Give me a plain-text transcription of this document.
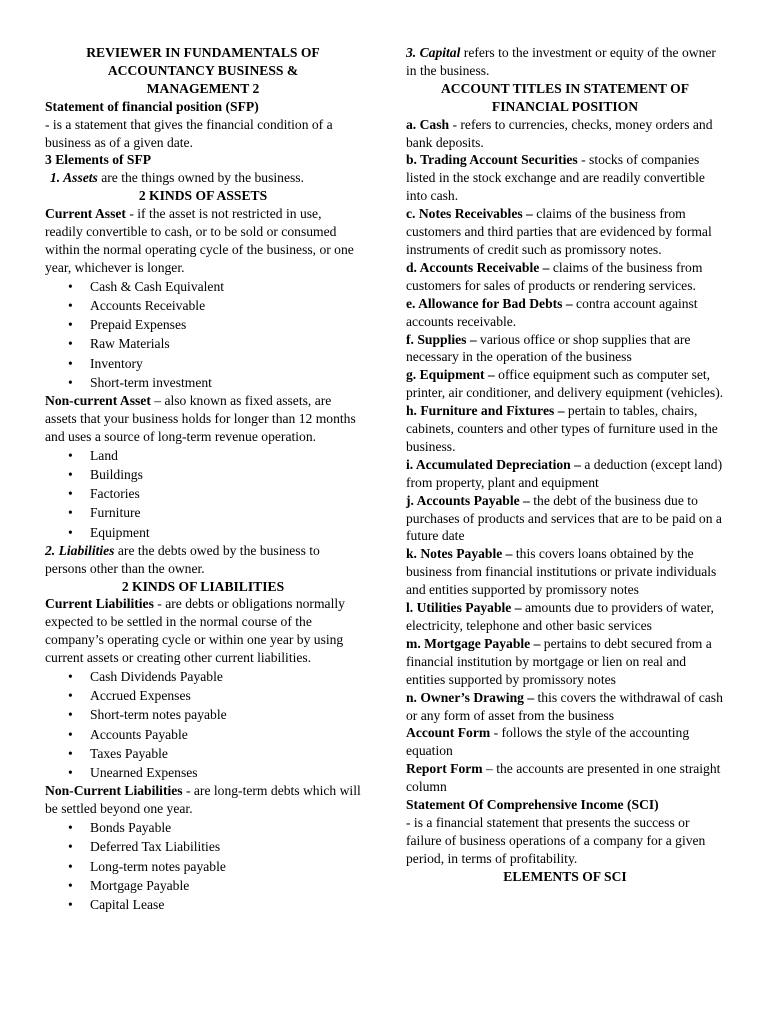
REVIEWER IN FUNDAMENTALS OF
ACCOUNTANCY BUSINESS &
MANAGEMENT 2
Statement of financial position (SFP)
- is a statement that gives the financial condition of a business as of a given date.
3 Elements of SFP
1. Assets are the things owned by the business.
2 KINDS OF ASSETS
Current Asset - if the asset is not restricted in use, readily convertible to cash, or to be sold or consumed within the normal operating cycle of the business, or one year, whichever is longer.
• Cash & Cash Equivalent
• Accounts Receivable
• Prepaid Expenses
• Raw Materials
• Inventory
• Short-term investment
Non-current Asset – also known as fixed assets, are assets that your business holds for longer than 12 months and uses a source of long-term revenue operation.
• Land
• Buildings
• Factories
• Furniture
• Equipment
2. Liabilities are the debts owed by the business to persons other than the owner.
2 KINDS OF LIABILITIES
Current Liabilities - are debts or obligations normally expected to be settled in the normal course of the company’s operating cycle or within one year by using current assets or creating other current liabilities.
• Cash Dividends Payable
• Accrued Expenses
• Short-term notes payable
• Accounts Payable
• Taxes Payable
• Unearned Expenses
Non-Current Liabilities - are long-term debts which will be settled beyond one year.
• Bonds Payable
• Deferred Tax Liabilities
• Long-term notes payable
• Mortgage Payable
• Capital Lease
3. Capital refers to the investment or equity of the owner in the business.
ACCOUNT TITLES IN STATEMENT OF
FINANCIAL POSITION
a. Cash - refers to currencies, checks, money orders and bank deposits.
b. Trading Account Securities - stocks of companies listed in the stock exchange and are readily convertible into cash.
c. Notes Receivables – claims of the business from customers and third parties that are evidenced by formal instruments of credit such as promissory notes.
d. Accounts Receivable – claims of the business from customers for sales of products or rendering services.
e. Allowance for Bad Debts – contra account against accounts receivable.
f. Supplies – various office or shop supplies that are necessary in the operation of the business
g. Equipment – office equipment such as computer set, printer, air conditioner, and delivery equipment (vehicles).
h. Furniture and Fixtures – pertain to tables, chairs, cabinets, counters and other types of furniture used in the business.
i. Accumulated Depreciation – a deduction (except land) from property, plant and equipment
j. Accounts Payable – the debt of the business due to purchases of products and services that are to be paid on a future date
k. Notes Payable – this covers loans obtained by the business from financial institutions or private individuals and entities supported by promissory notes
l. Utilities Payable – amounts due to providers of water, electricity, telephone and other basic services
m. Mortgage Payable – pertains to debt secured from a financial institution by mortgage or lien on real and entities supported by promissory notes
n. Owner’s Drawing – this covers the withdrawal of cash or any form of asset from the business
Account Form - follows the style of the accounting equation
Report Form – the accounts are presented in one straight column
Statement Of Comprehensive Income (SCI)
- is a financial statement that presents the success or failure of business operations of a company for a given period, in terms of profitability.
ELEMENTS OF SCI
